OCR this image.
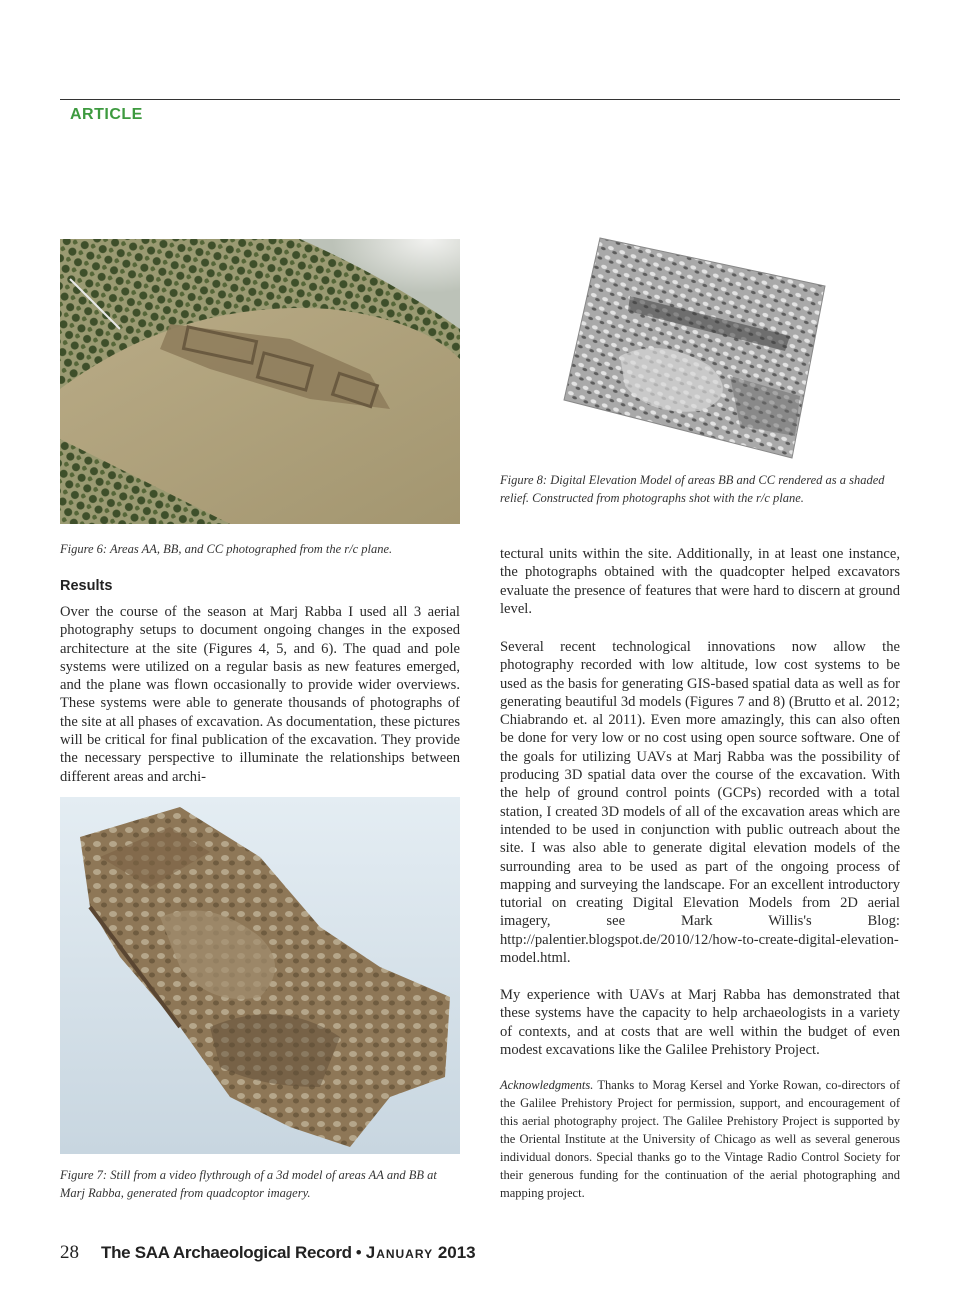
ARTICLE
Figure 6: Areas AA, BB, and CC photographed from the r/c plane.
Results

Over the course of the season at Marj Rabba I used all 3 aerial photography setups to document ongoing changes in the exposed architecture at the site (Figures 4, 5, and 6). The quad and pole systems were utilized on a regular basis as new features emerged, and the plane was flown occasionally to provide wider overviews. These systems were able to generate thousands of photographs of the site at all phases of excavation. As documentation, these pictures will be critical for final publication of the excavation. They provide the necessary perspective to illuminate the relationships between different areas and archi-

Figure 7: Still from a video flythrough of a 3d model of areas AA and BB at Marj Rabba, generated from quadcoptor imagery.
Figure 8: Digital Elevation Model of areas BB and CC rendered as a shaded relief. Constructed from photographs shot with the r/c plane.

tectural units within the site. Additionally, in at least one instance, the photographs obtained with the quadcopter helped excavators evaluate the presence of features that were hard to discern at ground level.

Several recent technological innovations now allow the photography recorded with low altitude, low cost systems to be used as the basis for generating GIS-based spatial data as well as for generating beautiful 3d models (Figures 7 and 8) (Brutto et al. 2012; Chiabrando et. al 2011). Even more amazingly, this can also often be done for very low or no cost using open source software. One of the goals for utilizing UAVs at Marj Rabba was the possibility of producing 3D spatial data over the course of the excavation. With the help of ground control points (GCPs) recorded with a total station, I created 3D models of all of the excavation areas which are intended to be used in conjunction with public outreach about the site. I was also able to generate digital elevation models of the surrounding area to be used as part of the ongoing process of mapping and surveying the landscape. For an excellent introductory tutorial on creating Digital Elevation Models from 2D aerial imagery, see Mark Willis's Blog: http://palentier.blogspot.de/2010/12/how-to-create-digital-elevation-model.html.

My experience with UAVs at Marj Rabba has demonstrated that these systems have the capacity to help archaeologists in a variety of contexts, and at costs that are well within the budget of even modest excavations like the Galilee Prehistory Project.

Acknowledgments. Thanks to Morag Kersel and Yorke Rowan, co-directors of the Galilee Prehistory Project for permission, support, and encouragement of this aerial photography project. The Galilee Prehistory Project is supported by the Oriental Institute at the University of Chicago as well as several generous individual donors. Special thanks go to the Vintage Radio Control Society for their generous funding for the continuation of the aerial photographing and mapping project.

28 The SAA Archaeological Record • January 2013
